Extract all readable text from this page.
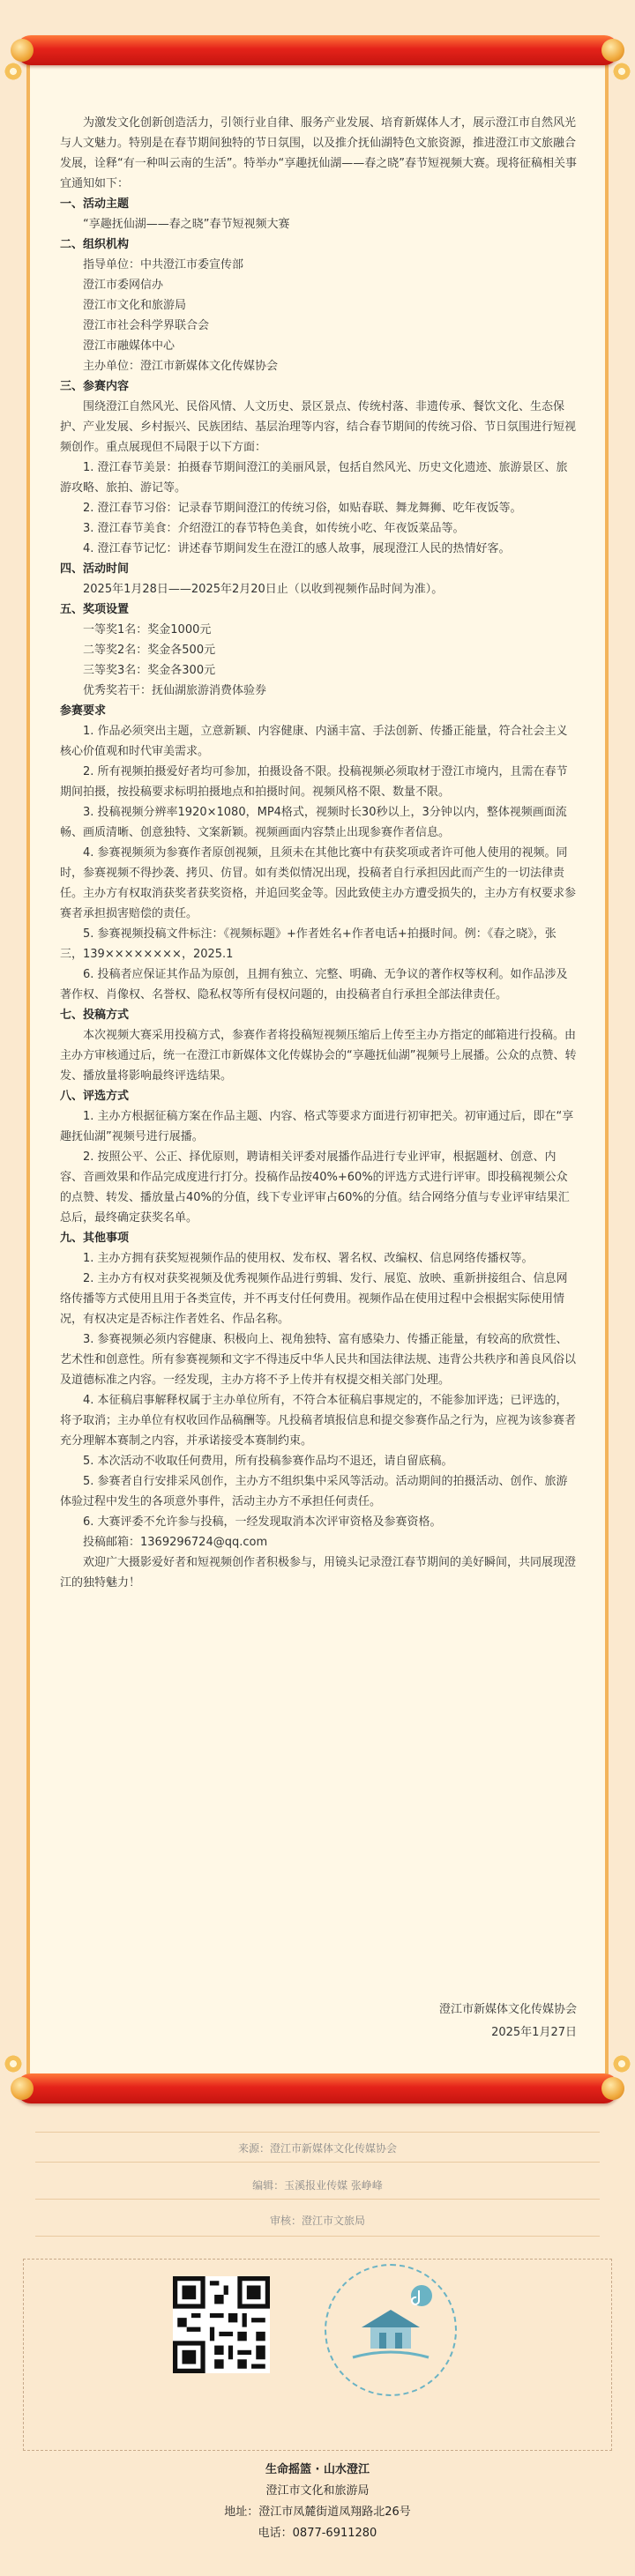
为激发文化创新创造活力，引领行业自律、服务产业发展、培育新媒体人才，展示澄江市自然风光与人文魅力。特别是在春节期间独特的节日氛围，以及推介抚仙湖特色文旅资源，推进澄江市文旅融合发展，诠释“有一种叫云南的生活”。特举办“享趣抚仙湖——春之晓”春节短视频大赛。现将征稿相关事宜通知如下：

一、活动主题

“享趣抚仙湖——春之晓”春节短视频大赛

二、组织机构

指导单位：中共澄江市委宣传部

澄江市委网信办

澄江市文化和旅游局

澄江市社会科学界联合会

澄江市融媒体中心

主办单位：澄江市新媒体文化传媒协会

三、参赛内容

围绕澄江自然风光、民俗风情、人文历史、景区景点、传统村落、非遗传承、餐饮文化、生态保护、产业发展、乡村振兴、民族团结、基层治理等内容，结合春节期间的传统习俗、节日氛围进行短视频创作。重点展现但不局限于以下方面：

1. 澄江春节美景：拍摄春节期间澄江的美丽风景，包括自然风光、历史文化遗迹、旅游景区、旅游攻略、旅拍、游记等。

2. 澄江春节习俗：记录春节期间澄江的传统习俗，如贴春联、舞龙舞狮、吃年夜饭等。

3. 澄江春节美食：介绍澄江的春节特色美食，如传统小吃、年夜饭菜品等。

4. 澄江春节记忆：讲述春节期间发生在澄江的感人故事，展现澄江人民的热情好客。

四、活动时间

2025年1月28日——2025年2月20日止（以收到视频作品时间为准）。

五、奖项设置

一等奖1名：奖金1000元

二等奖2名：奖金各500元

三等奖3名：奖金各300元

优秀奖若干：抚仙湖旅游消费体验券

参赛要求

1. 作品必须突出主题，立意新颖、内容健康、内涵丰富、手法创新、传播正能量，符合社会主义核心价值观和时代审美需求。

2. 所有视频拍摄爱好者均可参加，拍摄设备不限。投稿视频必须取材于澄江市境内，且需在春节期间拍摄，按投稿要求标明拍摄地点和拍摄时间。视频风格不限、数量不限。

3. 投稿视频分辨率1920×1080，MP4格式，视频时长30秒以上，3分钟以内，整体视频画面流畅、画质清晰、创意独特、文案新颖。视频画面内容禁止出现参赛作者信息。

4. 参赛视频须为参赛作者原创视频，且须未在其他比赛中有获奖项或者许可他人使用的视频。同时，参赛视频不得抄袭、拷贝、仿冒。如有类似情况出现，投稿者自行承担因此而产生的一切法律责任。主办方有权取消获奖者获奖资格，并追回奖金等。因此致使主办方遭受损失的，主办方有权要求参赛者承担损害赔偿的责任。

5. 参赛视频投稿文件标注：《视频标题》+作者姓名+作者电话+拍摄时间。例：《春之晓》，张三，139××××××××，2025.1

6. 投稿者应保证其作品为原创，且拥有独立、完整、明确、无争议的著作权等权利。如作品涉及著作权、肖像权、名誉权、隐私权等所有侵权问题的，由投稿者自行承担全部法律责任。

七、投稿方式

本次视频大赛采用投稿方式，参赛作者将投稿短视频压缩后上传至主办方指定的邮箱进行投稿。由主办方审核通过后，统一在澄江市新媒体文化传媒协会的“享趣抚仙湖”视频号上展播。公众的点赞、转发、播放量将影响最终评选结果。

八、评选方式

1. 主办方根据征稿方案在作品主题、内容、格式等要求方面进行初审把关。初审通过后，即在“享趣抚仙湖”视频号进行展播。

2. 按照公平、公正、择优原则，聘请相关评委对展播作品进行专业评审，根据题材、创意、内容、音画效果和作品完成度进行打分。投稿作品按40%+60%的评选方式进行评审。即投稿视频公众的点赞、转发、播放量占40%的分值，线下专业评审占60%的分值。结合网络分值与专业评审结果汇总后，最终确定获奖名单。

九、其他事项

1. 主办方拥有获奖短视频作品的使用权、发布权、署名权、改编权、信息网络传播权等。

2. 主办方有权对获奖视频及优秀视频作品进行剪辑、发行、展览、放映、重新拼接组合、信息网络传播等方式使用且用于各类宣传，并不再支付任何费用。视频作品在使用过程中会根据实际使用情况，有权决定是否标注作者姓名、作品名称。

3. 参赛视频必须内容健康、积极向上、视角独特、富有感染力、传播正能量，有较高的欣赏性、艺术性和创意性。所有参赛视频和文字不得违反中华人民共和国法律法规、违背公共秩序和善良风俗以及道德标准之内容。一经发现，主办方将不予上传并有权提交相关部门处理。

4. 本征稿启事解释权属于主办单位所有，不符合本征稿启事规定的，不能参加评选；已评选的，将予取消；主办单位有权收回作品稿酬等。凡投稿者填报信息和提交参赛作品之行为，应视为该参赛者充分理解本赛制之内容，并承诺接受本赛制约束。

5. 本次活动不收取任何费用，所有投稿参赛作品均不退还，请自留底稿。

5. 参赛者自行安排采风创作，主办方不组织集中采风等活动。活动期间的拍摄活动、创作、旅游体验过程中发生的各项意外事件，活动主办方不承担任何责任。

6. 大赛评委不允许参与投稿，一经发现取消本次评审资格及参赛资格。

投稿邮箱：1369296724@qq.com

欢迎广大摄影爱好者和短视频创作者积极参与，用镜头记录澄江春节期间的美好瞬间，共同展现澄江的独特魅力！

澄江市新媒体文化传媒协会
2025年1月27日
来源：澄江市新媒体文化传媒协会
编辑：玉溪报业传媒 张峥峰
审核：澄江市文旅局
生命摇篮 · 山水澄江
澄江市文化和旅游局
地址：澄江市凤麓街道凤翔路北26号
电话：0877-6911280
